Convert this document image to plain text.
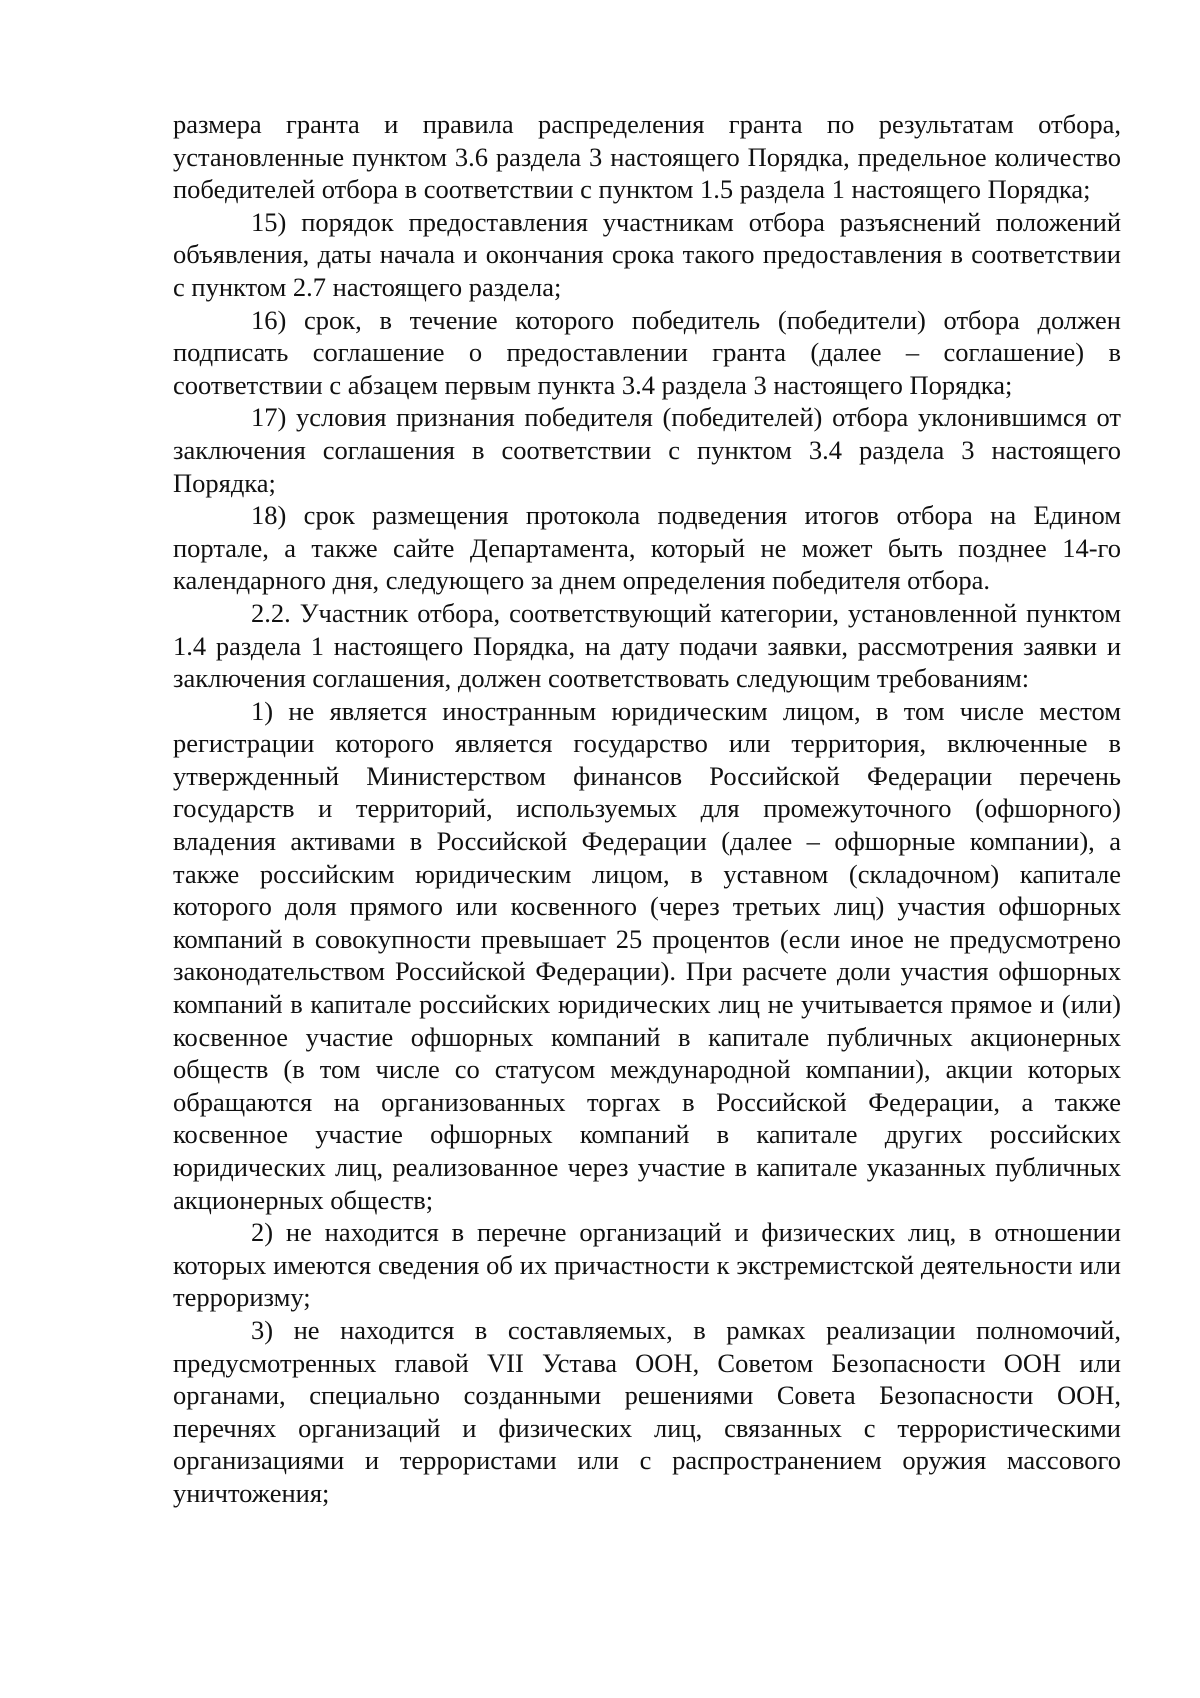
размера гранта и правила распределения гранта по результатам отбора, установленные пунктом 3.6 раздела 3 настоящего Порядка, предельное количество победителей отбора в соответствии с пунктом 1.5 раздела 1 настоящего Порядка;

15) порядок предоставления участникам отбора разъяснений положений объявления, даты начала и окончания срока такого предоставления в соответствии с пунктом 2.7 настоящего раздела;

16) срок, в течение которого победитель (победители) отбора должен подписать соглашение о предоставлении гранта (далее – соглашение) в соответствии с абзацем первым пункта 3.4 раздела 3 настоящего Порядка;

17) условия признания победителя (победителей) отбора уклонившимся от заключения соглашения в соответствии с пунктом 3.4 раздела 3 настоящего Порядка;

18) срок размещения протокола подведения итогов отбора на Едином портале, а также сайте Департамента, который не может быть позднее 14-го календарного дня, следующего за днем определения победителя отбора.

2.2. Участник отбора, соответствующий категории, установленной пунктом 1.4 раздела 1 настоящего Порядка, на дату подачи заявки, рассмотрения заявки и заключения соглашения, должен соответствовать следующим требованиям:

1) не является иностранным юридическим лицом, в том числе местом регистрации которого является государство или территория, включенные в утвержденный Министерством финансов Российской Федерации перечень государств и территорий, используемых для промежуточного (офшорного) владения активами в Российской Федерации (далее – офшорные компании), а также российским юридическим лицом, в уставном (складочном) капитале которого доля прямого или косвенного (через третьих лиц) участия офшорных компаний в совокупности превышает 25 процентов (если иное не предусмотрено законодательством Российской Федерации). При расчете доли участия офшорных компаний в капитале российских юридических лиц не учитывается прямое и (или) косвенное участие офшорных компаний в капитале публичных акционерных обществ (в том числе со статусом международной компании), акции которых обращаются на организованных торгах в Российской Федерации, а также косвенное участие офшорных компаний в капитале других российских юридических лиц, реализованное через участие в капитале указанных публичных акционерных обществ;

2) не находится в перечне организаций и физических лиц, в отношении которых имеются сведения об их причастности к экстремистской деятельности или терроризму;

3) не находится в составляемых, в рамках реализации полномочий, предусмотренных главой VII Устава ООН, Советом Безопасности ООН или органами, специально созданными решениями Совета Безопасности ООН, перечнях организаций и физических лиц, связанных с террористическими организациями и террористами или с распространением оружия массового уничтожения;
